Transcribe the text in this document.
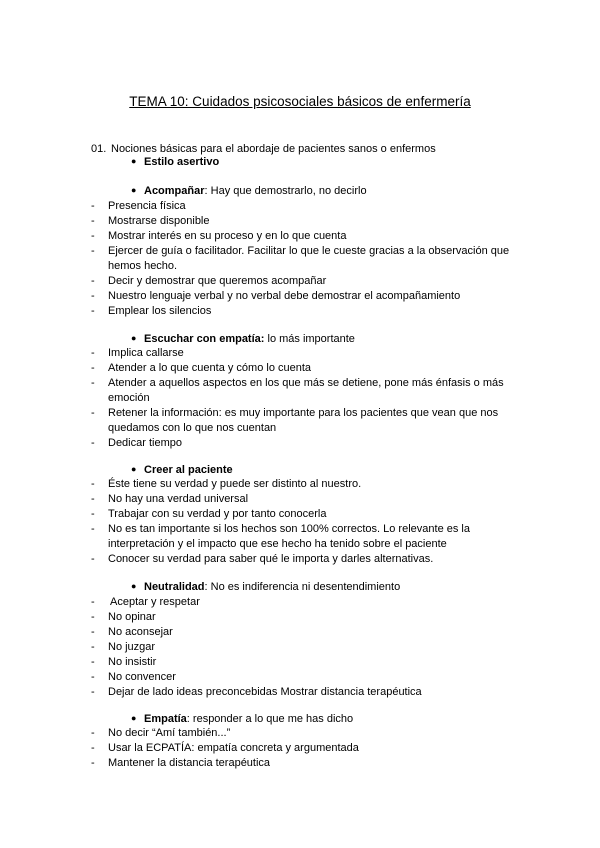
TEMA 10: Cuidados psicosociales básicos de enfermería
01. Nociones básicas para el abordaje de pacientes sanos o enfermos
● Estilo asertivo
● Acompañar: Hay que demostrarlo, no decirlo
- Presencia física
- Mostrarse disponible
- Mostrar interés en su proceso y en lo que cuenta
- Ejercer de guía o facilitador. Facilitar lo que le cueste gracias a la observación que hemos hecho.
- Decir y demostrar que queremos acompañar
- Nuestro lenguaje verbal y no verbal debe demostrar el acompañamiento
- Emplear los silencios
● Escuchar con empatía: lo más importante
- Implica callarse
- Atender a lo que cuenta y cómo lo cuenta
- Atender a aquellos aspectos en los que más se detiene, pone más énfasis o más emoción
- Retener la información: es muy importante para los pacientes que vean que nos quedamos con lo que nos cuentan
- Dedicar tiempo
● Creer al paciente
- Éste tiene su verdad y puede ser distinto al nuestro.
- No hay una verdad universal
- Trabajar con su verdad y por tanto conocerla
- No es tan importante si los hechos son 100% correctos. Lo relevante es la interpretación y el impacto que ese hecho ha tenido sobre el paciente
- Conocer su verdad para saber qué le importa y darles alternativas.
● Neutralidad: No es indiferencia ni desentendimiento
- Aceptar y respetar
- No opinar
- No aconsejar
- No juzgar
- No insistir
- No convencer
- Dejar de lado ideas preconcebidas Mostrar distancia terapéutica
● Empatía: responder a lo que me has dicho
- No decir “Amí también...”
- Usar la ECPATÍA: empatía concreta y argumentada
- Mantener la distancia terapéutica
